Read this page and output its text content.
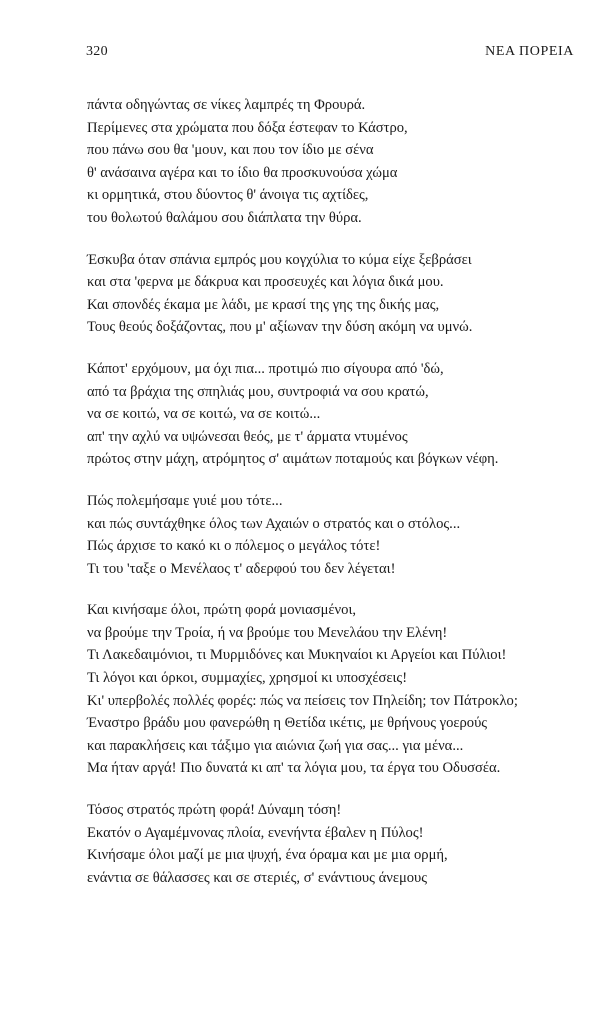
320	ΝΕΑ ΠΟΡΕΙΑ
πάντα οδηγώντας σε νίκες λαμπρές τη Φρουρά.
Περίμενες στα χρώματα που δόξα έστεφαν το Κάστρο,
που πάνω σου θα 'μουν, και που τον ίδιο με σένα
θ' ανάσαινα αγέρα και το ίδιο θα προσκυνούσα χώμα
κι ορμητικά, στου δύοντος θ' άνοιγα τις αχτίδες,
του θολωτού θαλάμου σου διάπλατα την θύρα.
Έσκυβα όταν σπάνια εμπρός μου κογχύλια το κύμα είχε ξεβράσει
και στα 'φερνα με δάκρυα και προσευχές και λόγια δικά μου.
Και σπονδές έκαμα με λάδι, με κρασί της γης της δικής μας,
Τους θεούς δοξάζοντας, που μ' αξίωναν την δύση ακόμη να υμνώ.
Κάποτ' ερχόμουν, μα όχι πια... προτιμώ πιο σίγουρα από 'δώ,
από τα βράχια της σπηλιάς μου, συντροφιά να σου κρατώ,
να σε κοιτώ, να σε κοιτώ, να σε κοιτώ...
απ' την αχλύ να υψώνεσαι θεός, με τ' άρματα ντυμένος
πρώτος στην μάχη, ατρόμητος σ' αιμάτων ποταμούς και βόγκων νέφη.
Πώς πολεμήσαμε γυιέ μου τότε...
και πώς συντάχθηκε όλος των Αχαιών ο στρατός και ο στόλος...
Πώς άρχισε το κακό κι ο πόλεμος ο μεγάλος τότε!
Τι του 'ταξε ο Μενέλαος τ' αδερφού του δεν λέγεται!
Και κινήσαμε όλοι, πρώτη φορά μονιασμένοι,
να βρούμε την Τροία, ή να βρούμε του Μενελάου την Ελένη!
Τι Λακεδαιμόνιοι, τι Μυρμιδόνες και Μυκηναίοι κι Αργείοι και Πύλιοι!
Τι λόγοι και όρκοι, συμμαχίες, χρησμοί κι υποσχέσεις!
Κι' υπερβολές πολλές φορές: πώς να πείσεις τον Πηλείδη; τον Πάτροκλο;
Έναστρο βράδυ μου φανερώθη η Θετίδα ικέτις, με θρήνους γοερούς
και παρακλήσεις και τάξιμο για αιώνια ζωή για σας... για μένα...
Μα ήταν αργά! Πιο δυνατά κι απ' τα λόγια μου, τα έργα του Οδυσσέα.
Τόσος στρατός πρώτη φορά! Δύναμη τόση!
Εκατόν ο Αγαμέμνονας πλοία, ενενήντα έβαλεν η Πύλος!
Κινήσαμε όλοι μαζί με μια ψυχή, ένα όραμα και με μια ορμή,
ενάντια σε θάλασσες και σε στεριές, σ' ενάντιους άνεμους
